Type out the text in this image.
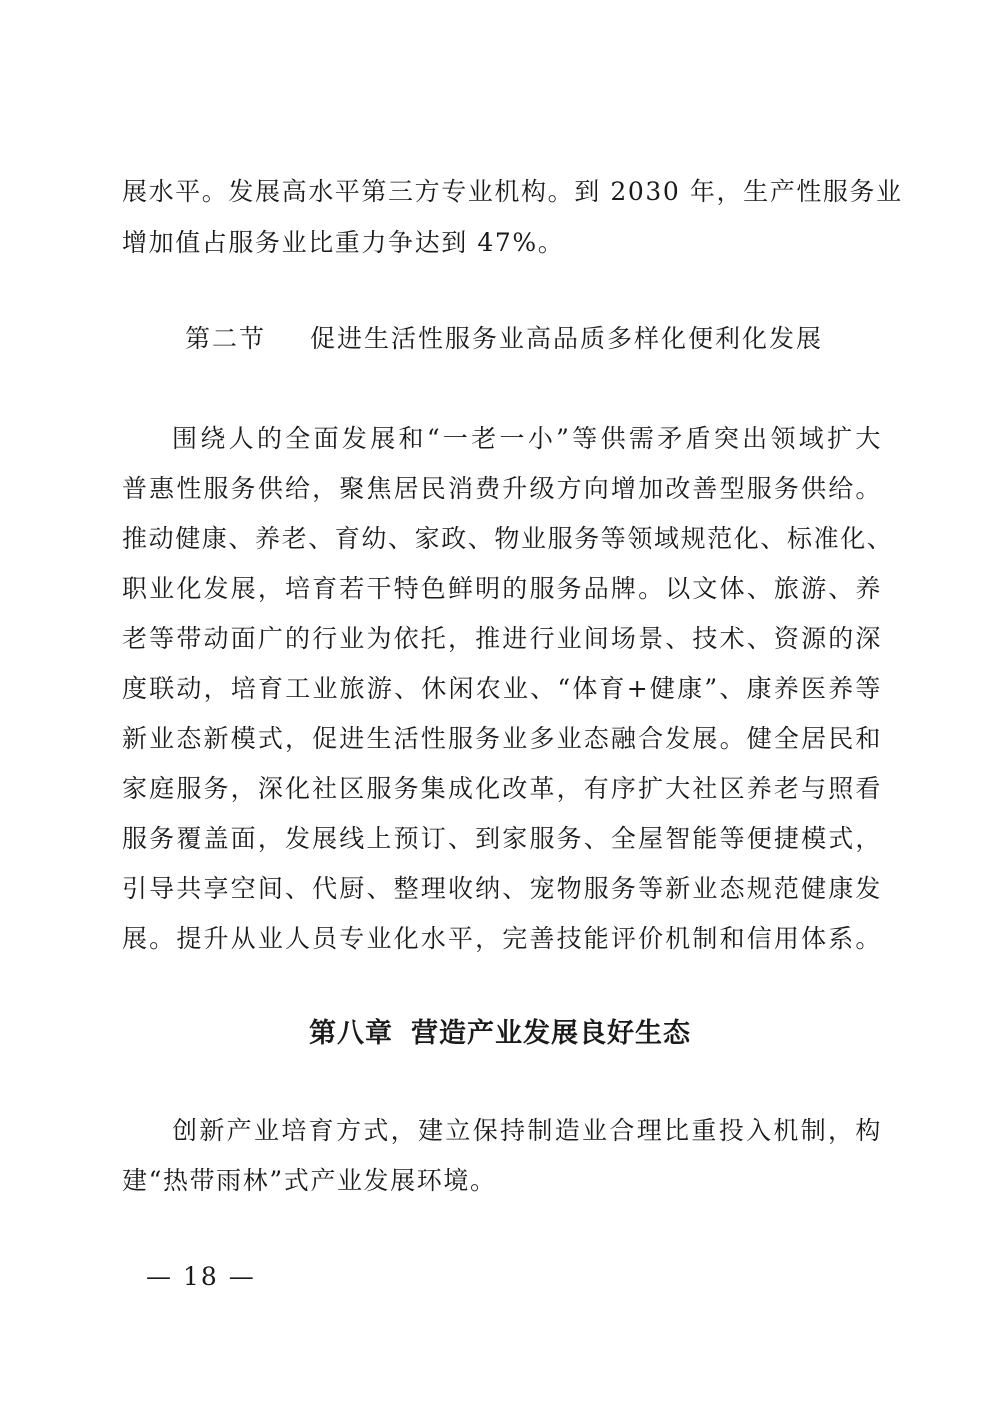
展水平。发展高水平第三方专业机构。到 2030 年，生产性服务业
增加值占服务业比重力争达到 47%。
第二节 促进生活性服务业高品质多样化便利化发展
围绕人的全面发展和“一老一小”等供需矛盾突出领域扩大
普惠性服务供给，聚焦居民消费升级方向增加改善型服务供给。
推动健康、养老、育幼、家政、物业服务等领域规范化、标准化、
职业化发展，培育若干特色鲜明的服务品牌。以文体、旅游、养
老等带动面广的行业为依托，推进行业间场景、技术、资源的深
度联动，培育工业旅游、休闲农业、“体育+健康”、康养医养等
新业态新模式，促进生活性服务业多业态融合发展。健全居民和
家庭服务，深化社区服务集成化改革，有序扩大社区养老与照看
服务覆盖面，发展线上预订、到家服务、全屋智能等便捷模式，
引导共享空间、代厨、整理收纳、宠物服务等新业态规范健康发
展。提升从业人员专业化水平，完善技能评价机制和信用体系。
第八章 营造产业发展良好生态
创新产业培育方式，建立保持制造业合理比重投入机制，构
建“热带雨林”式产业发展环境。
— 18 —
